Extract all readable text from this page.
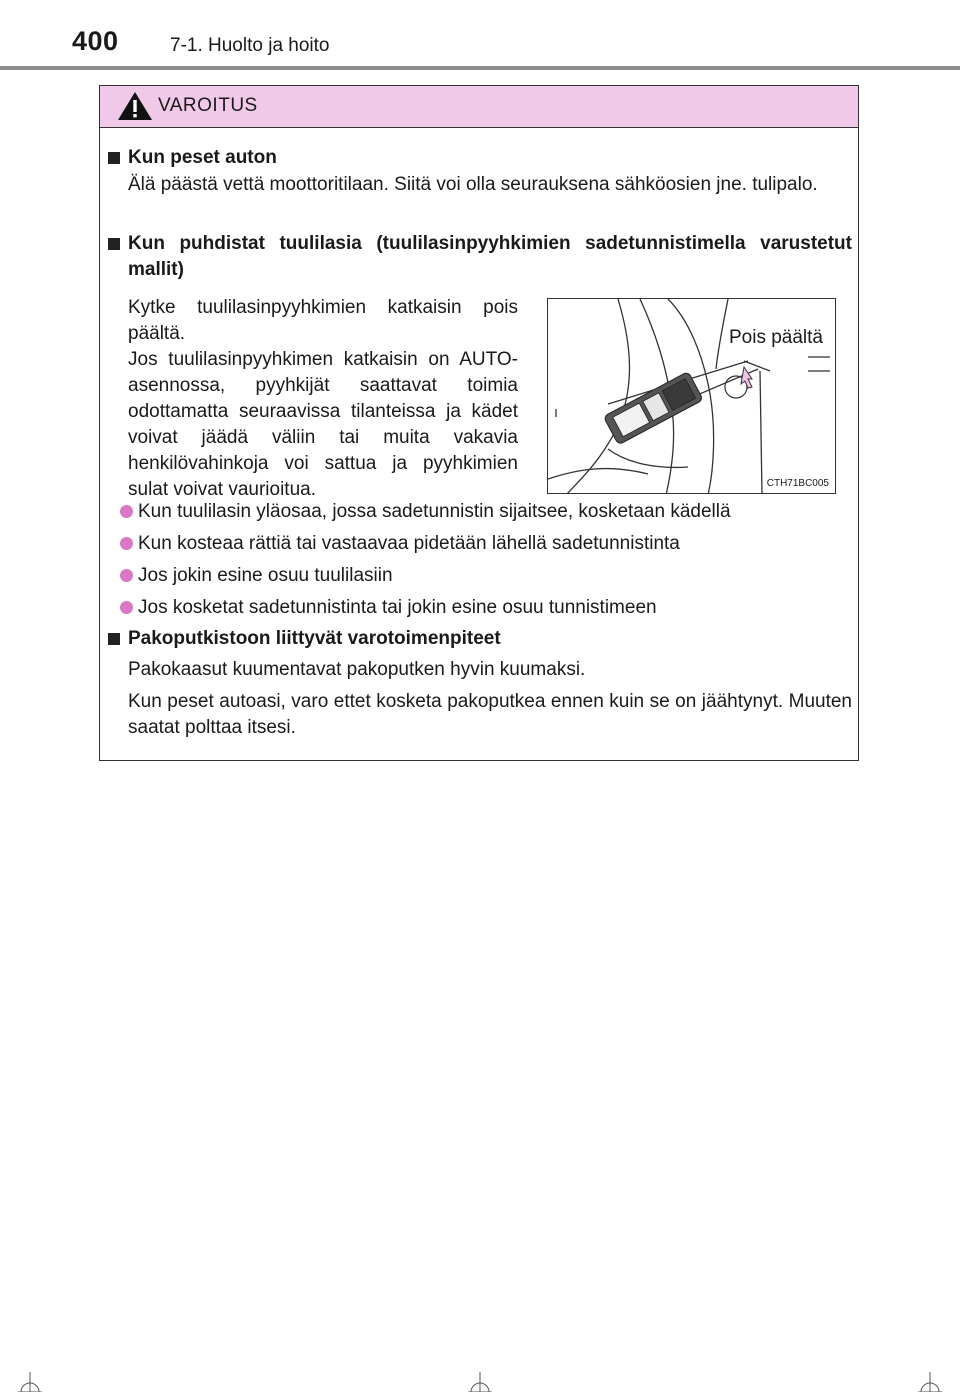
400	7-1. Huolto ja hoito
VAROITUS
Kun peset auton
Älä päästä vettä moottoritilaan. Siitä voi olla seurauksena sähköosien jne. tulipalo.
Kun puhdistat tuulilasia (tuulilasinpyyhkimien sadetunnistimella varustetut mallit)
Kytke tuulilasinpyyhkimien katkaisin pois päältä.
Jos tuulilasinpyyhkimen katkaisin on AUTO-asennossa, pyyhkijät saattavat toimia odottamatta seuraavissa tilanteissa ja kädet voivat jäädä väliin tai muita vakavia henkilövahinkoja voi sattua ja pyyhkimien sulat voivat vaurioitua.
Pois päältä
CTH71BC005
Kun tuulilasin yläosaa, jossa sadetunnistin sijaitsee, kosketaan kädellä
Kun kosteaa rättiä tai vastaavaa pidetään lähellä sadetunnistinta
Jos jokin esine osuu tuulilasiin
Jos kosketat sadetunnistinta tai jokin esine osuu tunnistimeen
Pakoputkistoon liittyvät varotoimenpiteet
Pakokaasut kuumentavat pakoputken hyvin kuumaksi.
Kun peset autoasi, varo ettet kosketa pakoputkea ennen kuin se on jäähtynyt. Muuten saatat polttaa itsesi.
